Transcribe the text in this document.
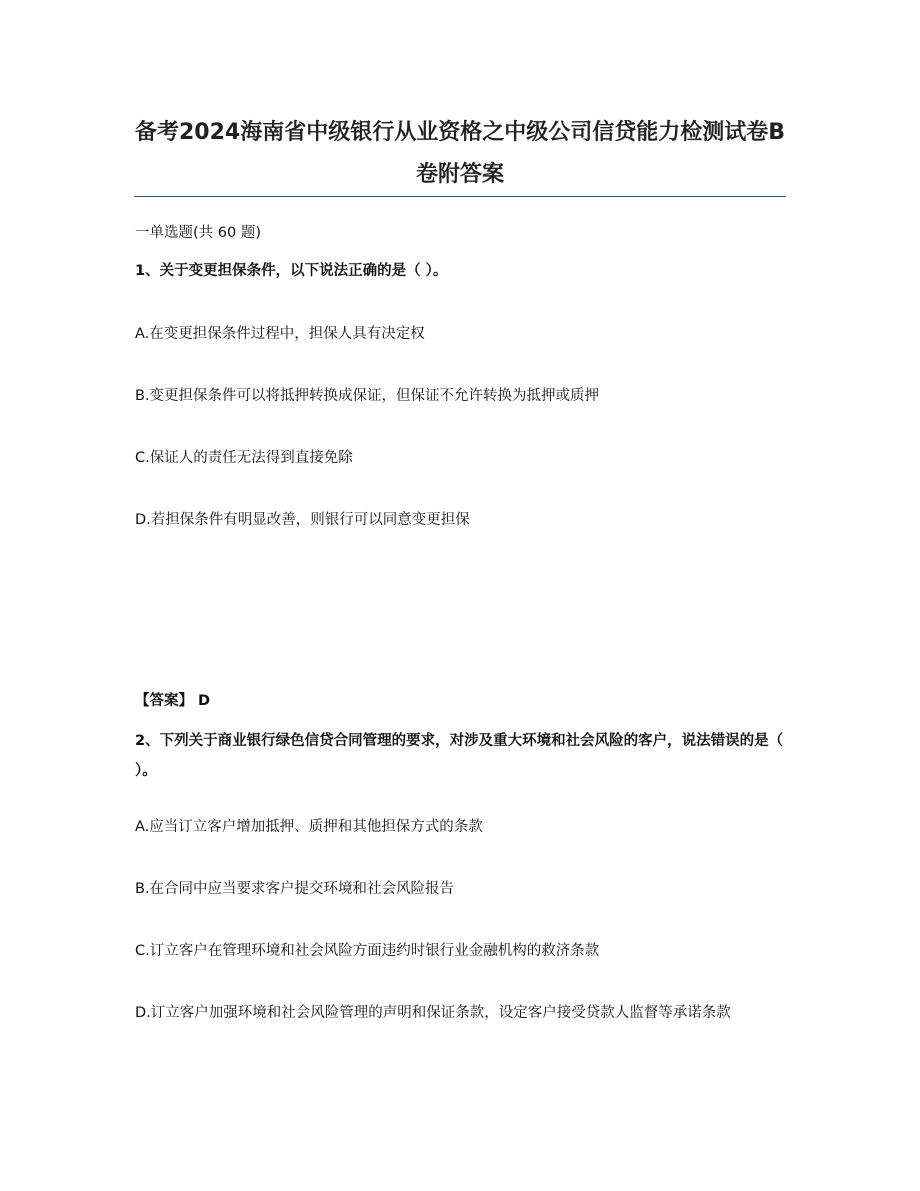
备考2024海南省中级银行从业资格之中级公司信贷能力检测试卷B卷附答案
一单选题(共 60 题)
1、关于变更担保条件，以下说法正确的是（ ）。
A.在变更担保条件过程中，担保人具有决定权
B.变更担保条件可以将抵押转换成保证，但保证不允许转换为抵押或质押
C.保证人的责任无法得到直接免除
D.若担保条件有明显改善，则银行可以同意变更担保
【答案】 D
2、下列关于商业银行绿色信贷合同管理的要求，对涉及重大环境和社会风险的客户，说法错误的是（ ）。
A.应当订立客户增加抵押、质押和其他担保方式的条款
B.在合同中应当要求客户提交环境和社会风险报告
C.订立客户在管理环境和社会风险方面违约时银行业金融机构的救济条款
D.订立客户加强环境和社会风险管理的声明和保证条款，设定客户接受贷款人监督等承诺条款
